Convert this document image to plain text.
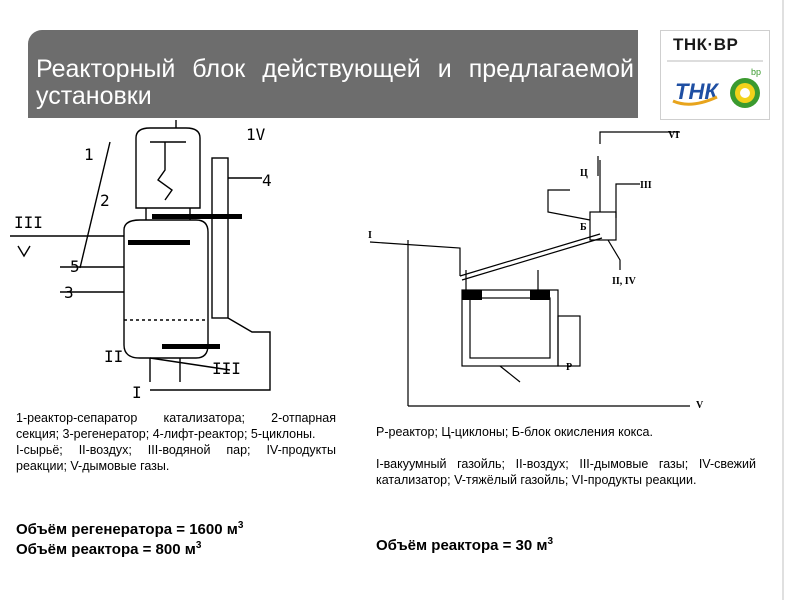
Реакторный блок действующей и предлагаемой установки
ТНК·ВР
ТНК
bp
1
1V
4
2
III
5
3
II
III
I
VI
Ц
III
I
Б
II, IV
Р
V

1-реактор-сепаратор катализатора; 2-отпарная секция; 3-регенератор; 4-лифт-реактор; 5-циклоны.

I-сырьё; II-воздух; III-водяной пар; IV-продукты реакции; V-дымовые газы.

Объём регенератора = 1600 $м^3$
Объём реактора = 800 $м^3$

Р-реактор; Ц-циклоны; Б-блок окисления кокса.

I-вакуумный газойль; II-воздух; III-дымовые газы; IV-свежий катализатор; V-тяжёлый газойль; VI-продукты реакции.

Объём реактора = 30 $м^3$
